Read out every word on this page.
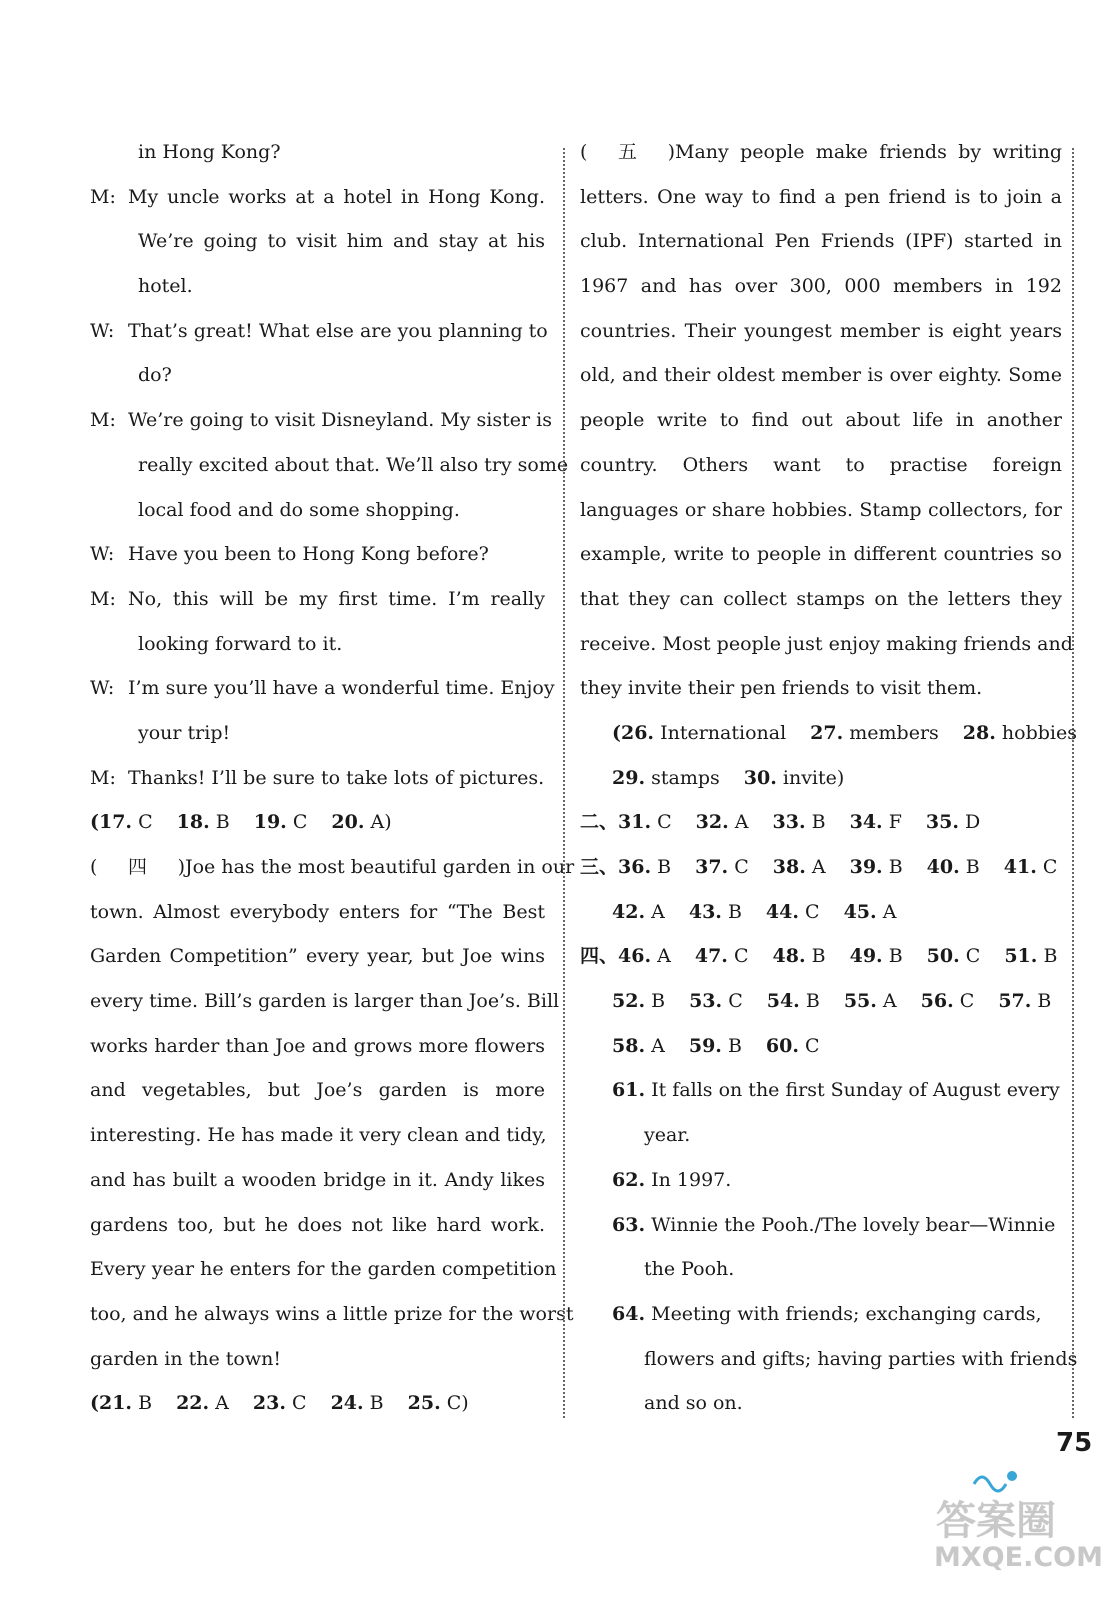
in Hong Kong?
M: My uncle works at a hotel in Hong Kong.
We’re going to visit him and stay at his
hotel.
W: That’s great! What else are you planning to
do?
M: We’re going to visit Disneyland. My sister is
really excited about that. We’ll also try some
local food and do some shopping.
W: Have you been to Hong Kong before?
M: No, this will be my first time. I’m really
looking forward to it.
W: I’m sure you’ll have a wonderful time. Enjoy
your trip!
M: Thanks! I’ll be sure to take lots of pictures.
(17. C 18. B 19. C 20. A)
(四)Joe has the most beautiful garden in our
town. Almost everybody enters for “The Best
Garden Competition” every year, but Joe wins
every time. Bill’s garden is larger than Joe’s. Bill
works harder than Joe and grows more flowers
and vegetables, but Joe’s garden is more
interesting. He has made it very clean and tidy,
and has built a wooden bridge in it. Andy likes
gardens too, but he does not like hard work.
Every year he enters for the garden competition
too, and he always wins a little prize for the worst
garden in the town!
(21. B 22. A 23. C 24. B 25. C)
(五)Many people make friends by writing
letters. One way to find a pen friend is to join a
club. International Pen Friends (IPF) started in
1967 and has over 300, 000 members in 192
countries. Their youngest member is eight years
old, and their oldest member is over eighty. Some
people write to find out about life in another
country. Others want to practise foreign
languages or share hobbies. Stamp collectors, for
example, write to people in different countries so
that they can collect stamps on the letters they
receive. Most people just enjoy making friends and
they invite their pen friends to visit them.
(26. International 27. members 28. hobbies
29. stamps 30. invite)
二、31. C 32. A 33. B 34. F 35. D
三、36. B 37. C 38. A 39. B 40. B 41. C
42. A 43. B 44. C 45. A
四、46. A 47. C 48. B 49. B 50. C 51. B
52. B 53. C 54. B 55. A 56. C 57. B
58. A 59. B 60. C
61. It falls on the first Sunday of August every
year.
62. In 1997.
63. Winnie the Pooh./The lovely bear—Winnie
the Pooh.
64. Meeting with friends; exchanging cards,
flowers and gifts; having parties with friends
and so on.
75
答案圈
MXQE.COM
